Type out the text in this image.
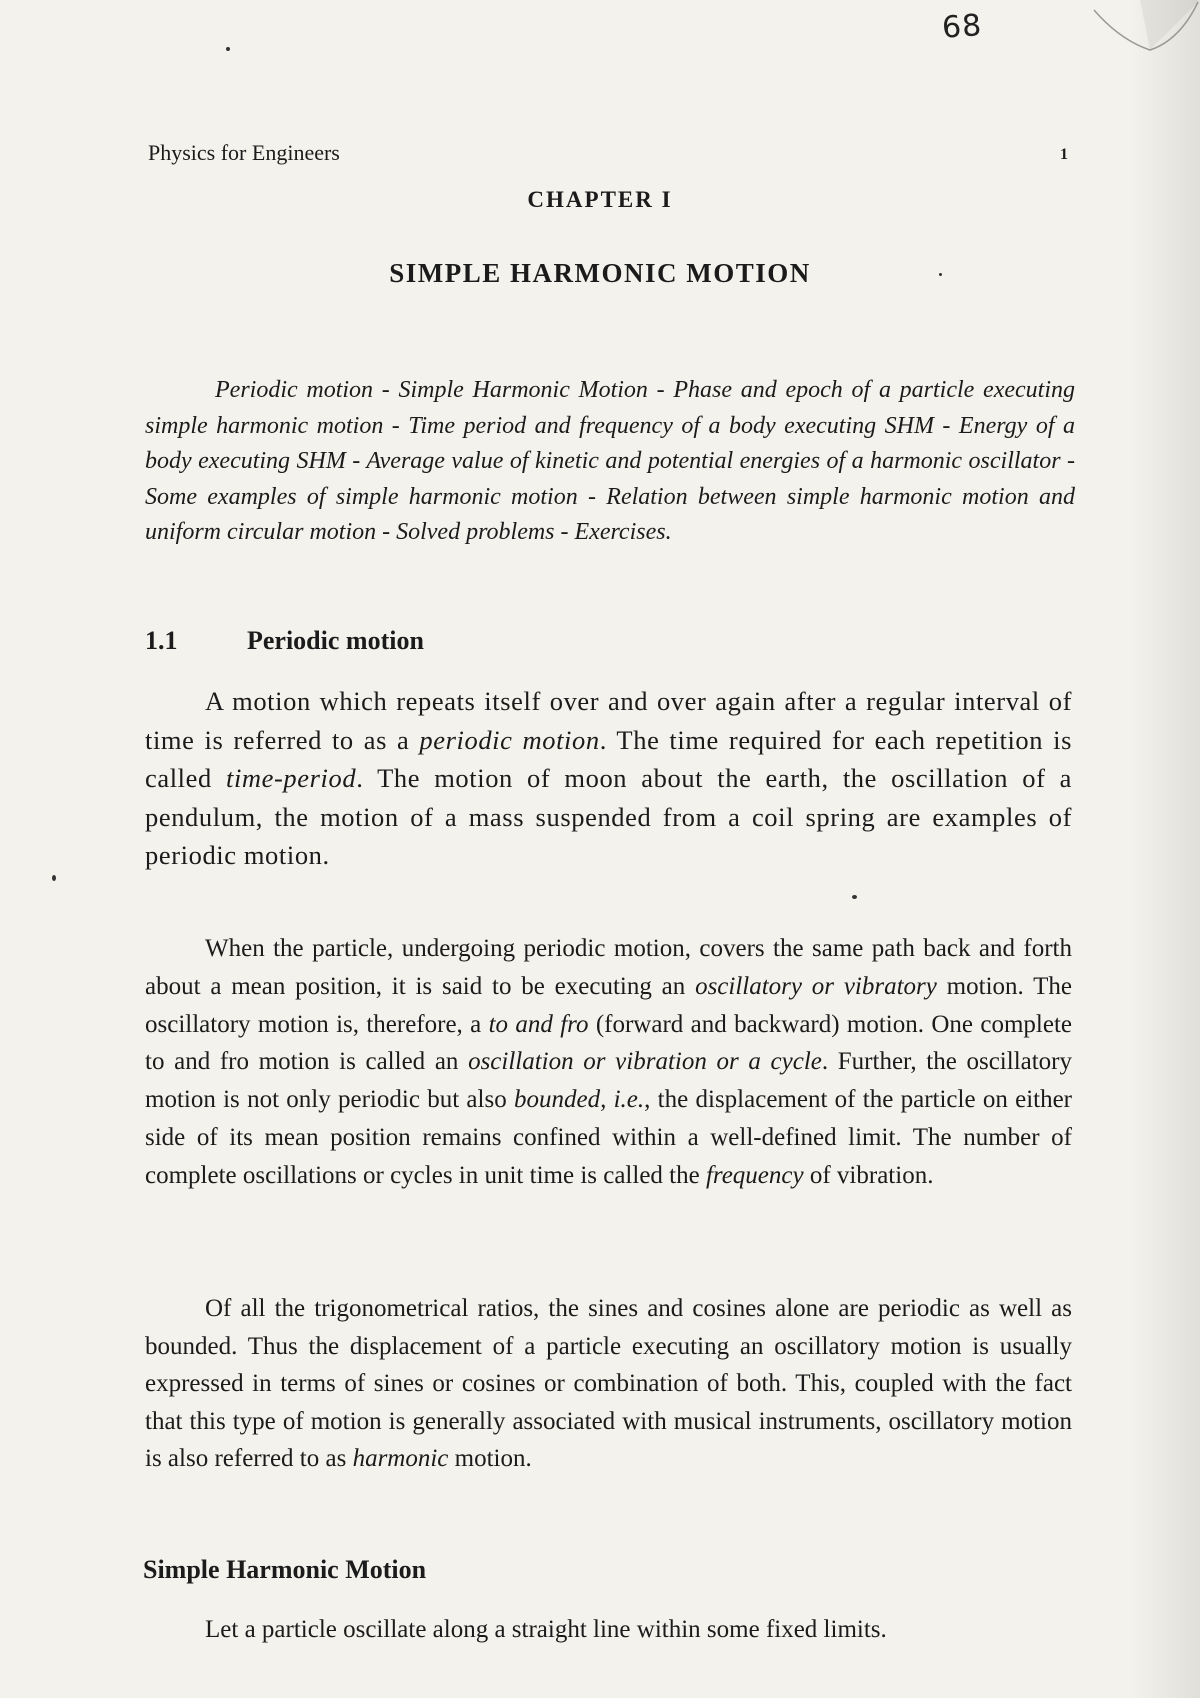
68
Physics for Engineers	1
CHAPTER I
SIMPLE HARMONIC MOTION

Periodic motion - Simple Harmonic Motion - Phase and epoch of a particle executing simple harmonic motion - Time period and frequency of a body executing SHM - Energy of a body executing SHM - Average value of kinetic and potential energies of a harmonic oscillator - Some examples of simple harmonic motion - Relation between simple harmonic motion and uniform circular motion - Solved problems - Exercises.

1.1	Periodic motion

A motion which repeats itself over and over again after a regular interval of time is referred to as a periodic motion. The time required for each repetition is called time-period. The motion of moon about the earth, the oscillation of a pendulum, the motion of a mass suspended from a coil spring are examples of periodic motion.

When the particle, undergoing periodic motion, covers the same path back and forth about a mean position, it is said to be executing an oscillatory or vibratory motion. The oscillatory motion is, therefore, a to and fro (forward and backward) motion. One complete to and fro motion is called an oscillation or vibration or a cycle. Further, the oscillatory motion is not only periodic but also bounded, i.e., the displacement of the particle on either side of its mean position remains confined within a well-defined limit. The number of complete oscillations or cycles in unit time is called the frequency of vibration.

Of all the trigonometrical ratios, the sines and cosines alone are periodic as well as bounded. Thus the displacement of a particle executing an oscillatory motion is usually expressed in terms of sines or cosines or combination of both. This, coupled with the fact that this type of motion is generally associated with musical instruments, oscillatory motion is also referred to as harmonic motion.

Simple Harmonic Motion

Let a particle oscillate along a straight line within some fixed limits.
